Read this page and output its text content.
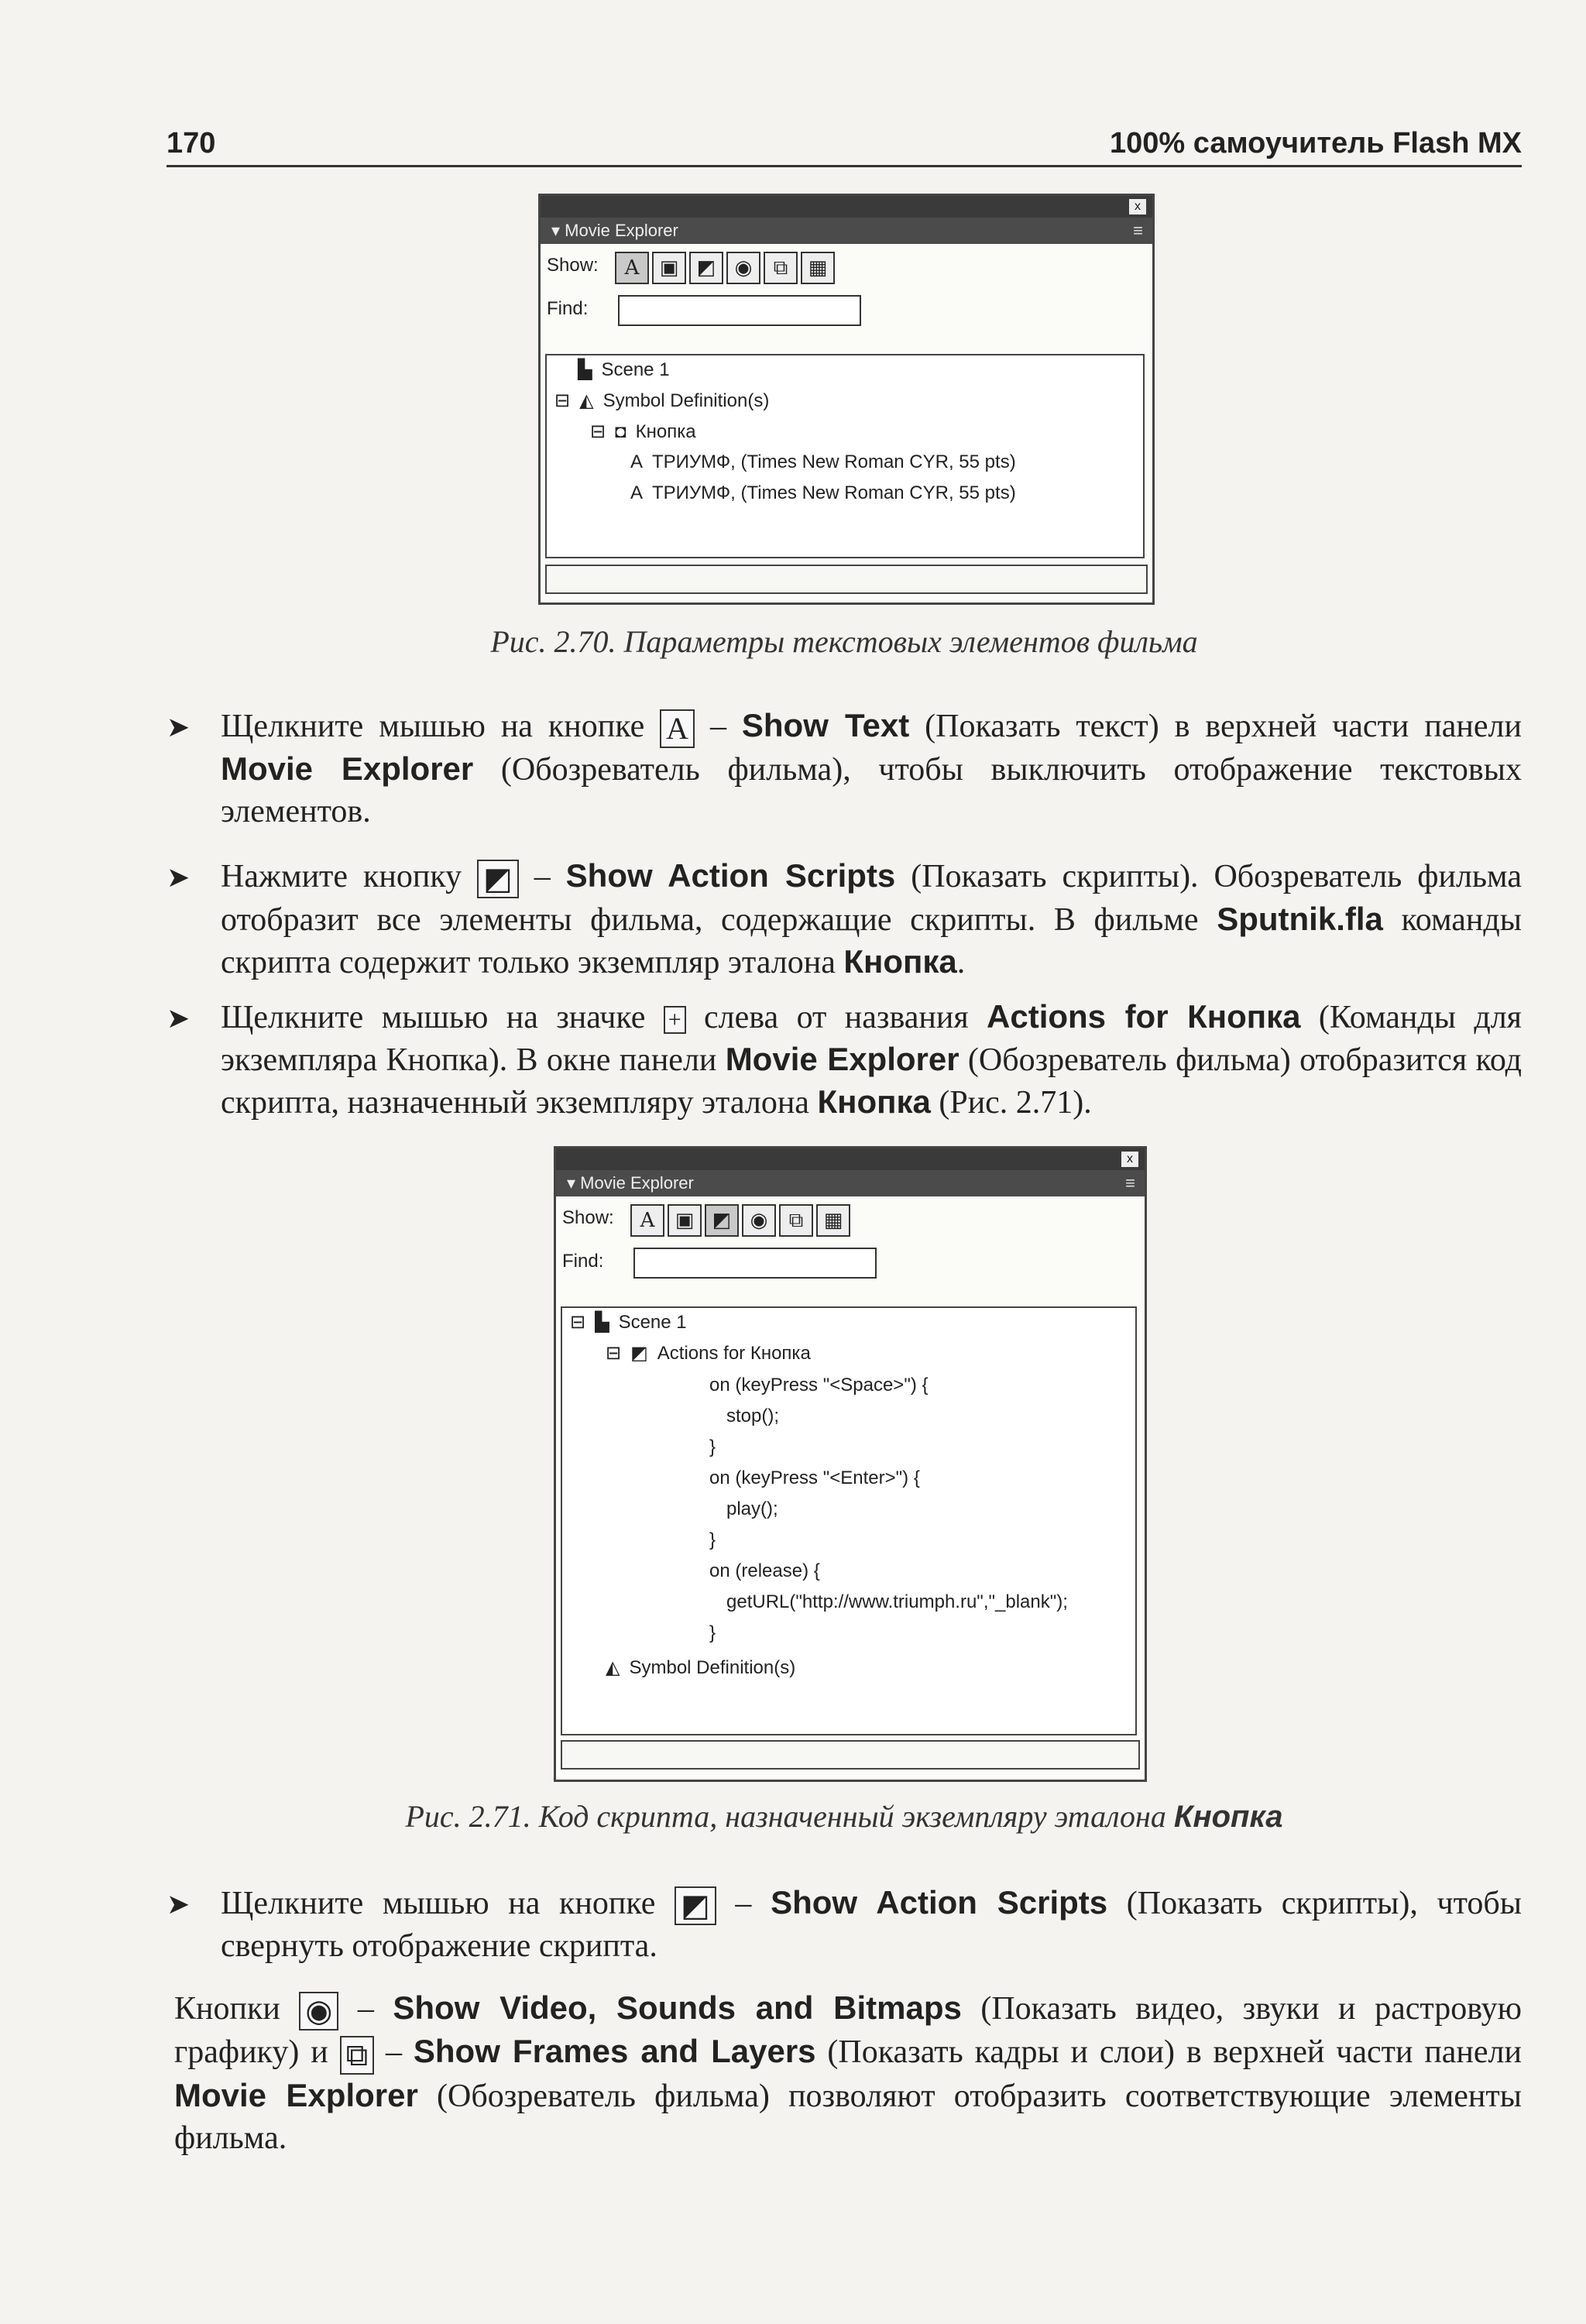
170	100% самоучитель Flash MX
x
▾ Movie Explorer	≡
Show:	A	▣ ◩ ◉	⧉	▦
Find:
▙ Scene 1
⊟ ◭ Symbol Definition(s)
⊟ ◘ Кнопка
A ТРИУМФ, (Times New Roman CYR, 55 pts)
A ТРИУМФ, (Times New Roman CYR, 55 pts)
Рис. 2.70. Параметры текстовых элементов фильма
➤ Щелкните мышью на кнопке A – Show Text (Показать текст) в верхней части панели Movie Explorer (Обозреватель фильма), чтобы выключить отображение текстовых элементов.
➤ Нажмите кнопку ◩ – Show Action Scripts (Показать скрипты). Обозреватель фильма отобразит все элементы фильма, содержащие скрипты. В фильме Sputnik.fla команды скрипта содержит только экземпляр эталона Кнопка.
➤ Щелкните мышью на значке + слева от названия Actions for Кнопка (Команды для экземпляра Кнопка). В окне панели Movie Explorer (Обозреватель фильма) отобразится код скрипта, назначенный экземпляру эталона Кнопка (Рис. 2.71).
x
▾ Movie Explorer	≡
Show:	A	▣ ◩ ◉	⧉	▦
Find:
⊟ ▙ Scene 1
⊟ ◩ Actions for Кнопка
on (keyPress "<Space>") {
stop();
}
on (keyPress "<Enter>") {
play();
}
on (release) {
getURL("http://www.triumph.ru","_blank");
}
◭ Symbol Definition(s)
Рис. 2.71. Код скрипта, назначенный экземпляру эталона Кнопка
➤ Щелкните мышью на кнопке ◩ – Show Action Scripts (Показать скрипты), чтобы свернуть отображение скрипта.
Кнопки ◉ – Show Video, Sounds and Bitmaps (Показать видео, звуки и растровую графику) и ⧉ – Show Frames and Layers (Показать кадры и слои) в верхней части панели Movie Explorer (Обозреватель фильма) позволяют отобразить соответствующие элементы фильма.
